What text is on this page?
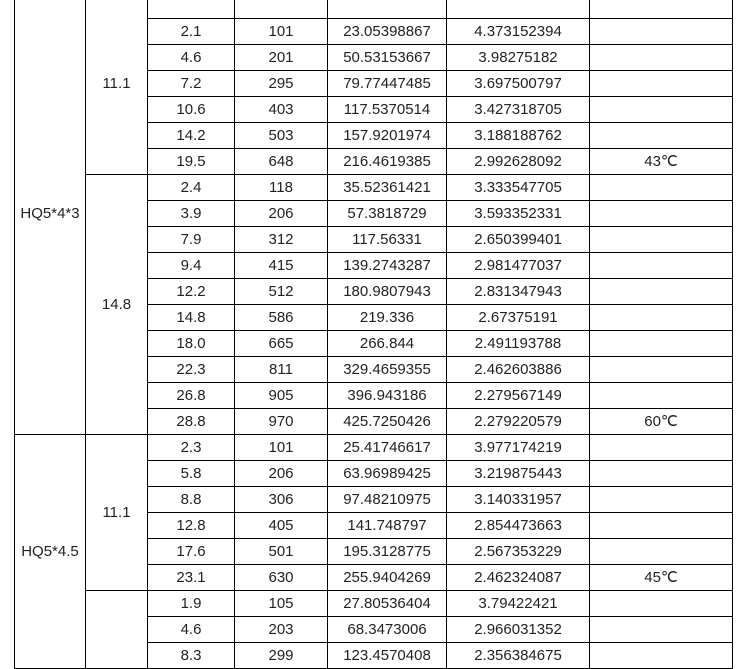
HQ5*4*3	11.1					
		2.1	101	23.05398867	4.373152394	
		4.6	201	50.53153667	3.98275182	
		7.2	295	79.77447485	3.697500797	
		10.6	403	117.5370514	3.427318705	
		14.2	503	157.9201974	3.188188762	
		19.5	648	216.4619385	2.992628092	43℃
	14.8	2.4	118	35.52361421	3.333547705	
		3.9	206	57.3818729	3.593352331	
		7.9	312	117.56331	2.650399401	
		9.4	415	139.2743287	2.981477037	
		12.2	512	180.9807943	2.831347943	
		14.8	586	219.336	2.67375191	
		18.0	665	266.844	2.491193788	
		22.3	811	329.4659355	2.462603886	
		26.8	905	396.943186	2.279567149	
		28.8	970	425.7250426	2.279220579	60℃
HQ5*4.5	11.1	2.3	101	25.41746617	3.977174219	
		5.8	206	63.96989425	3.219875443	
		8.8	306	97.48210975	3.140331957	
		12.8	405	141.748797	2.854473663	
		17.6	501	195.3128775	2.567353229	
		23.1	630	255.9404269	2.462324087	45℃
		1.9	105	27.80536404	3.79422421	
		4.6	203	68.3473006	2.966031352	
		8.3	299	123.4570408	2.356384675	
